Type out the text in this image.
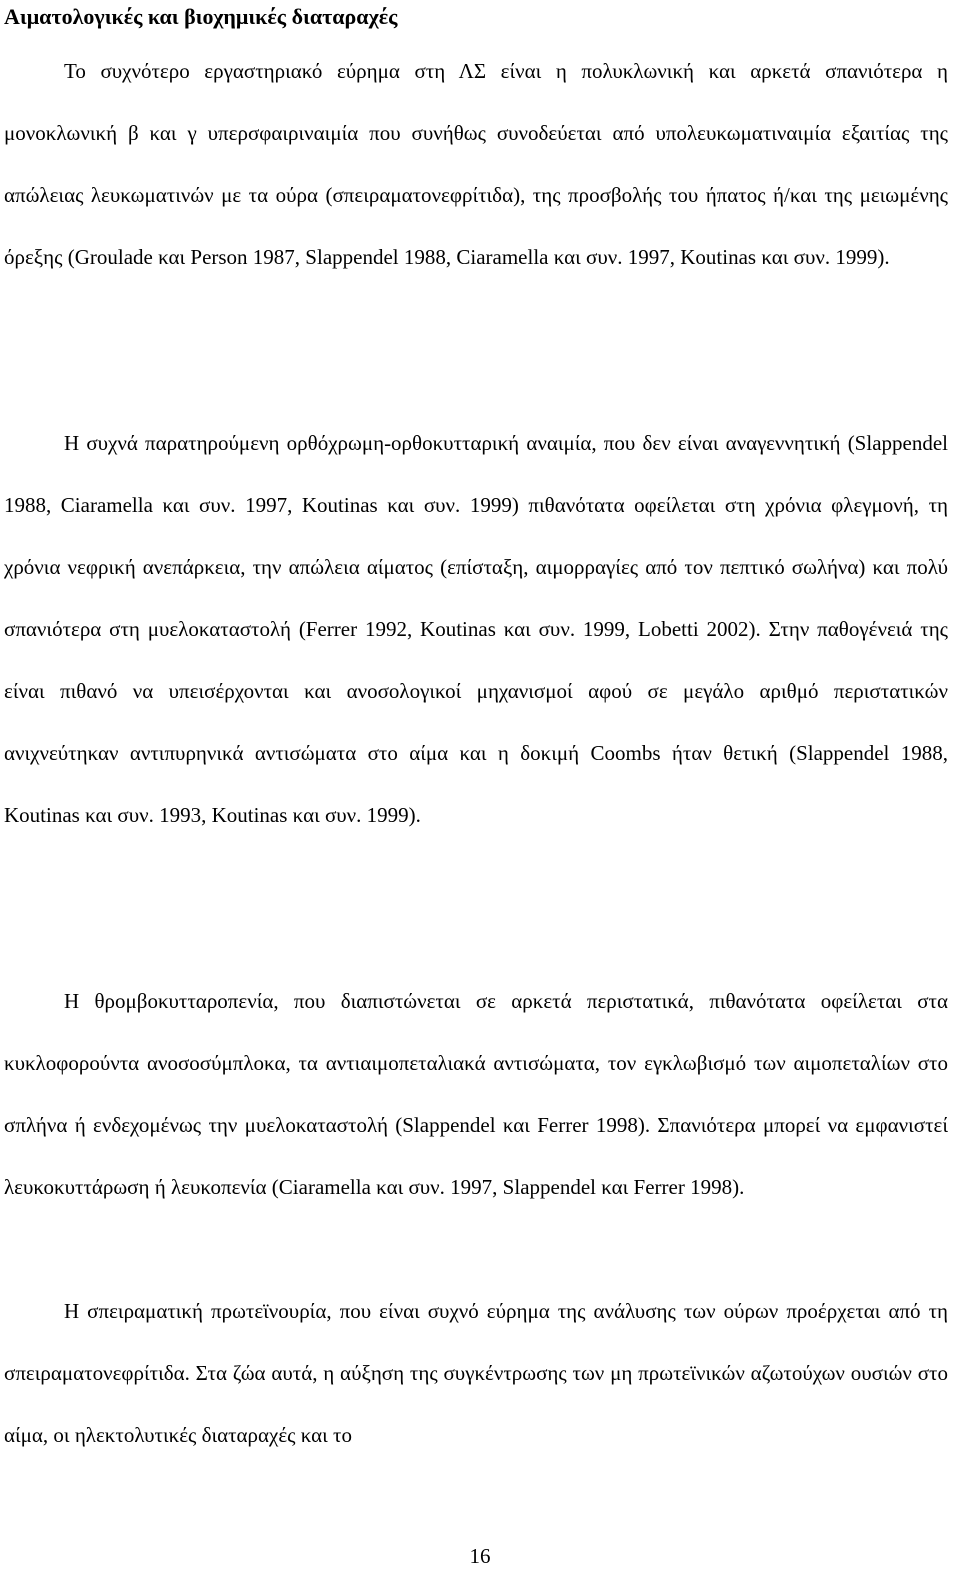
Αιματολογικές και βιοχημικές διαταραχές

Το συχνότερο εργαστηριακό εύρημα στη ΛΣ είναι η πολυκλωνική και αρκετά σπανιότερα η μονοκλωνική β και γ υπερσφαιριναιμία που συνήθως συνοδεύεται από υπολευκωματιναιμία εξαιτίας της απώλειας λευκωματινών με τα ούρα (σπειραματονεφρίτιδα), της προσβολής του ήπατος ή/και της μειωμένης όρεξης (Groulade και Person 1987, Slappendel 1988, Ciaramella και συν. 1997, Koutinas και συν. 1999).

Η συχνά παρατηρούμενη ορθόχρωμη-ορθοκυτταρική αναιμία, που δεν είναι αναγεννητική (Slappendel 1988, Ciaramella και συν. 1997, Koutinas και συν. 1999) πιθανότατα οφείλεται στη χρόνια φλεγμονή, τη χρόνια νεφρική ανεπάρκεια, την απώλεια αίματος (επίσταξη, αιμορραγίες από τον πεπτικό σωλήνα) και πολύ σπανιότερα στη μυελοκαταστολή (Ferrer 1992, Koutinas και συν. 1999, Lobetti 2002). Στην παθογένειά της είναι πιθανό να υπεισέρχονται και ανοσολογικοί μηχανισμοί αφού σε μεγάλο αριθμό περιστατικών ανιχνεύτηκαν αντιπυρηνικά αντισώματα στο αίμα και η δοκιμή Coombs ήταν θετική (Slappendel 1988, Koutinas και συν. 1993, Koutinas και συν. 1999).

Η θρομβοκυτταροπενία, που διαπιστώνεται σε αρκετά περιστατικά, πιθανότατα οφείλεται στα κυκλοφορούντα ανοσοσύμπλοκα, τα αντιαιμοπεταλιακά αντισώματα, τον εγκλωβισμό των αιμοπεταλίων στο σπλήνα ή ενδεχομένως την μυελοκαταστολή (Slappendel και Ferrer 1998). Σπανιότερα μπορεί να εμφανιστεί λευκοκυττάρωση ή λευκοπενία (Ciaramella και συν. 1997, Slappendel και Ferrer 1998).

Η σπειραματική πρωτεϊνουρία, που είναι συχνό εύρημα της ανάλυσης των ούρων προέρχεται από τη σπειραματονεφρίτιδα. Στα ζώα αυτά, η αύξηση της συγκέντρωσης των μη πρωτεϊνικών αζωτούχων ουσιών στο αίμα, οι ηλεκτολυτικές διαταραχές και το

16
